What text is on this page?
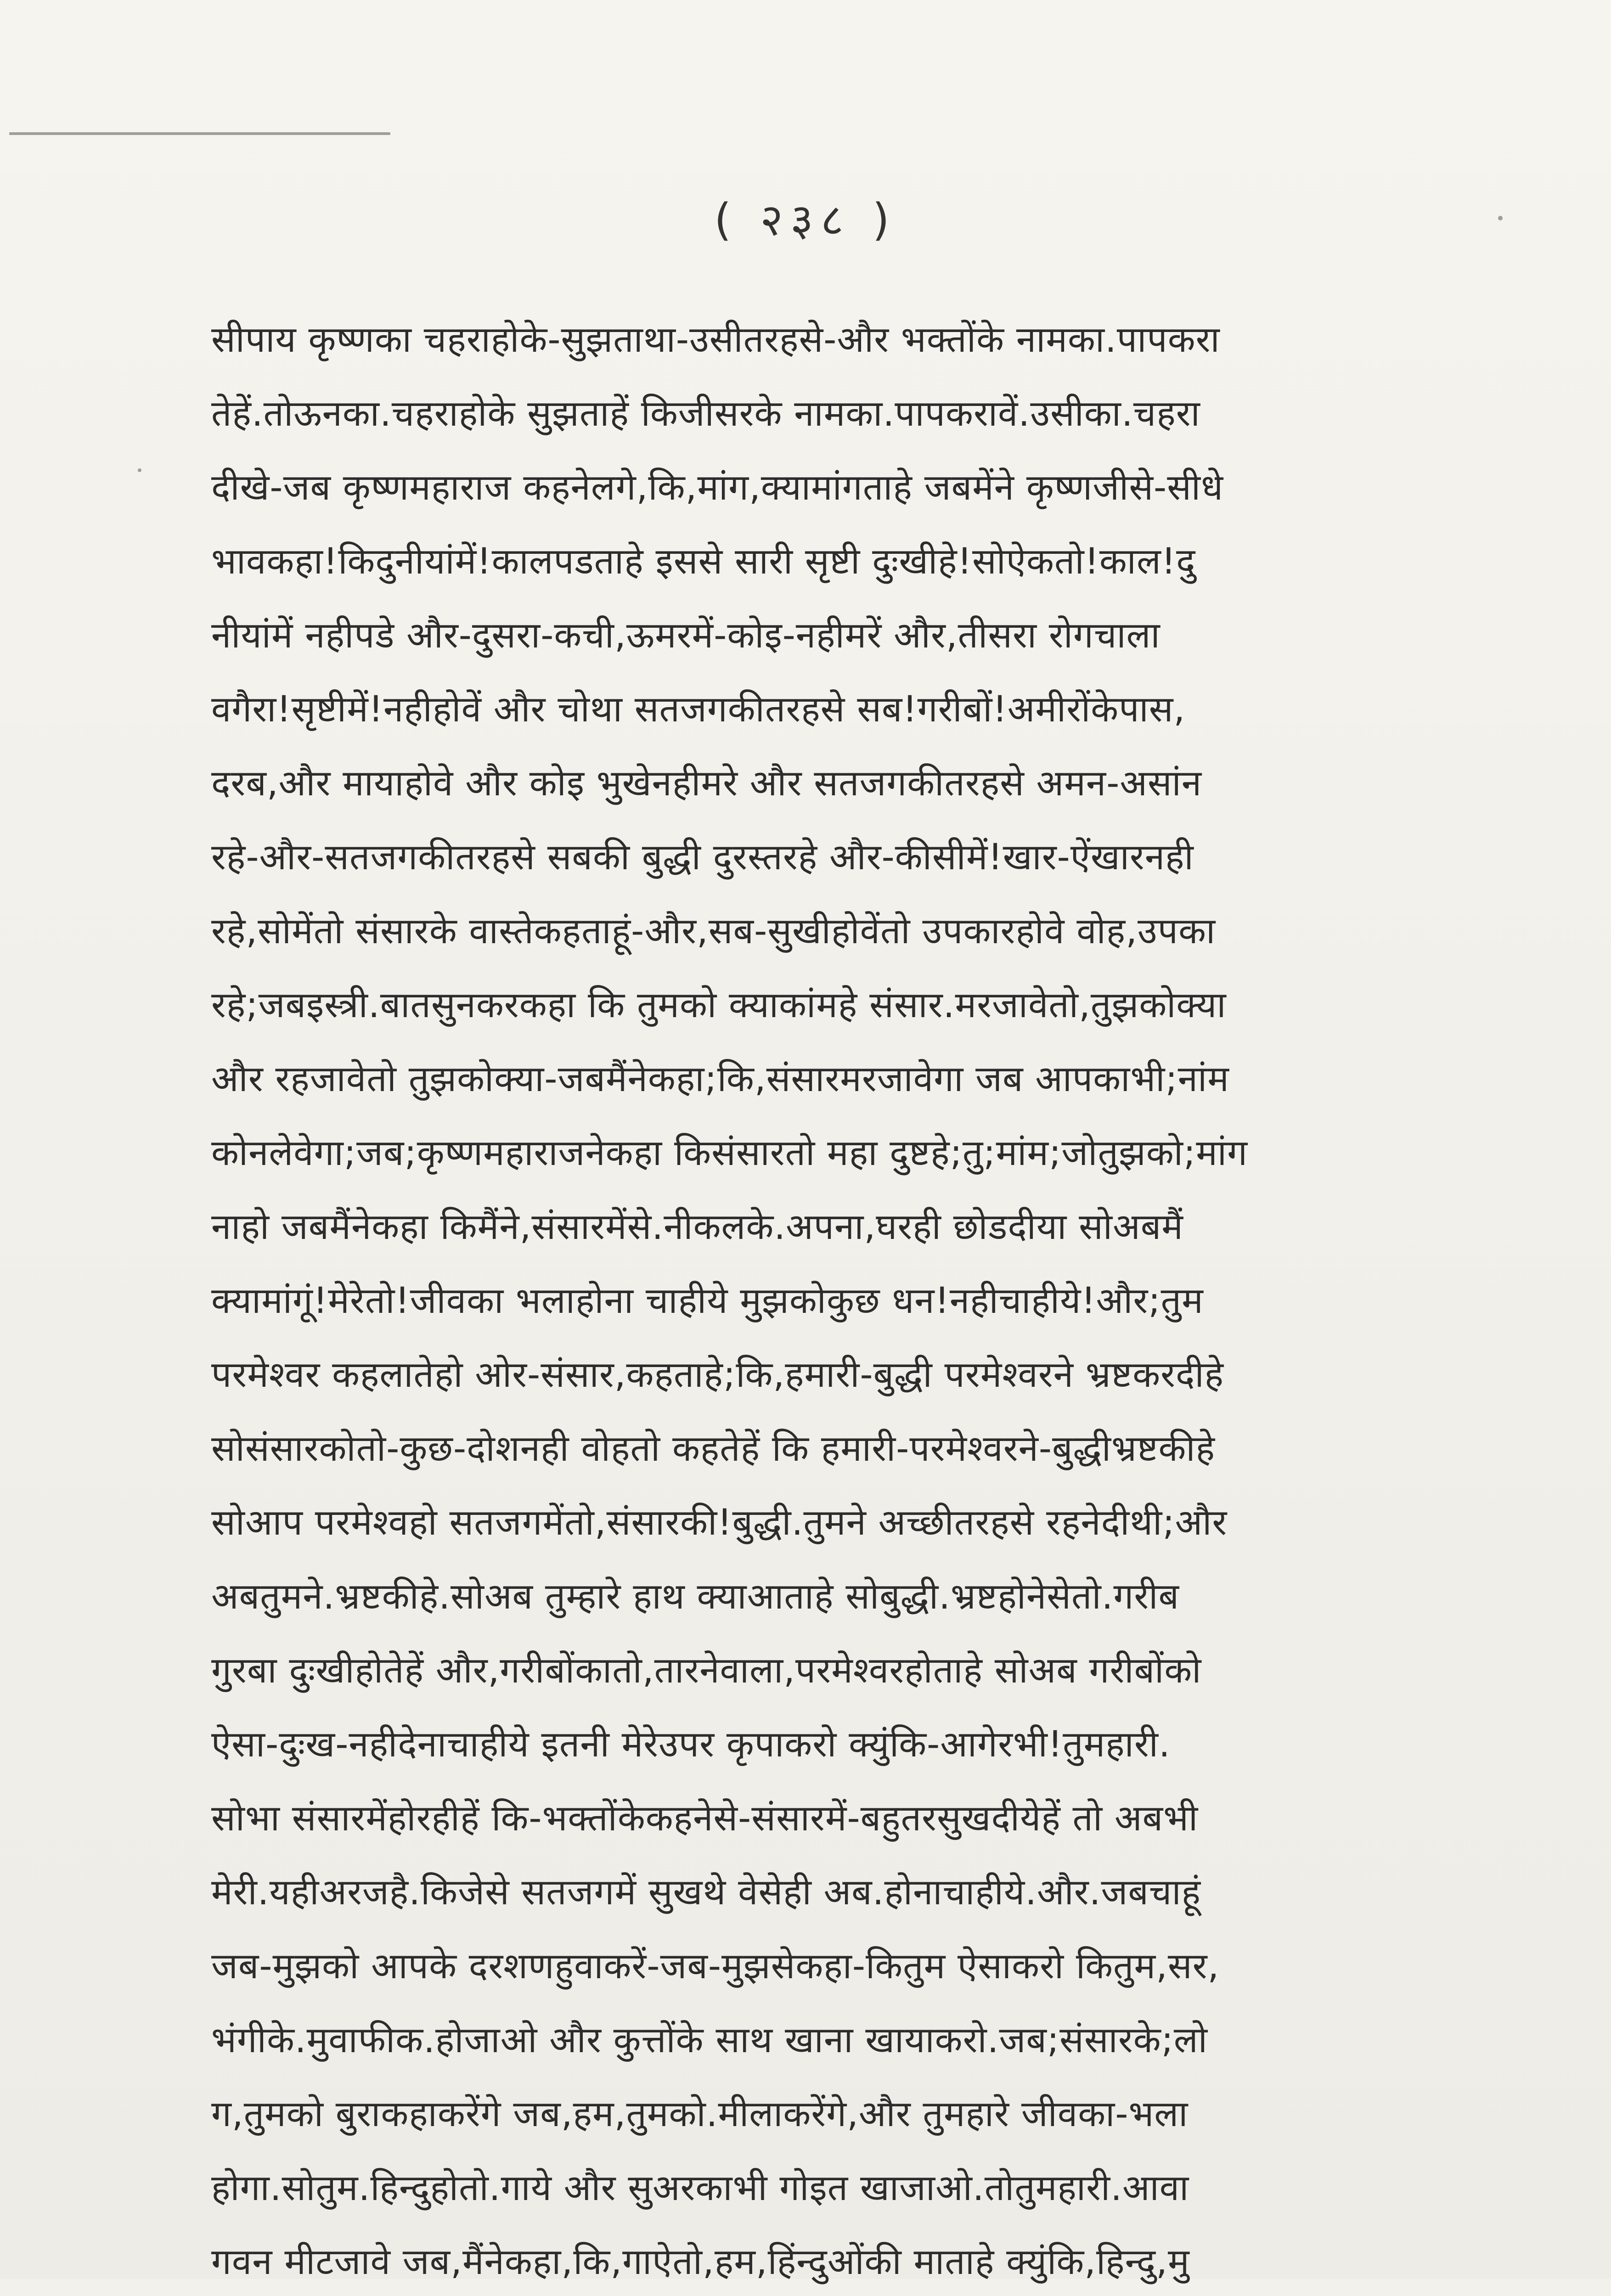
( २३८ )
सीपाय कृष्णका चहराहोके-सुझताथा-उसीतरहसे-और भक्तोंके नामका.पापकरा
तेहें.तोऊनका.चहराहोके सुझताहें किजीसरके नामका.पापकरावें.उसीका.चहरा
दीखे-जब कृष्णमहाराज कहनेलगे,कि,मांग,क्यामांगताहे जबमेंने कृष्णजीसे-सीधे
भावकहा!किदुनीयांमें!कालपडताहे इससे सारी सृष्टी दुःखीहे!सोऐकतो!काल!दु
नीयांमें नहीपडे और-दुसरा-कची,ऊमरमें-कोइ-नहीमरें और,तीसरा रोगचाला
वगैरा!सृष्टीमें!नहीहोवें और चोथा सतजगकीतरहसे सब!गरीबों!अमीरोंकेपास,
दरब,और मायाहोवे और कोइ भुखेनहीमरे और सतजगकीतरहसे अमन-असांन
रहे-और-सतजगकीतरहसे सबकी बुद्धी दुरस्तरहे और-कीसीमें!खार-ऐंखारनही
रहे,सोमेंतो संसारके वास्तेकहताहूं-और,सब-सुखीहोवेंतो उपकारहोवे वोह,उपका
रहे;जबइस्त्री.बातसुनकरकहा कि तुमको क्याकांमहे संसार.मरजावेतो,तुझकोक्या
और रहजावेतो तुझकोक्या-जबमैंनेकहा;कि,संसारमरजावेगा जब आपकाभी;नांम
कोनलेवेगा;जब;कृष्णमहाराजनेकहा किसंसारतो महा दुष्टहे;तु;मांम;जोतुझको;मांग
नाहो जबमैंनेकहा किमैंने,संसारमेंसे.नीकलके.अपना,घरही छोडदीया सोअबमैं
क्यामांगूं!मेरेतो!जीवका भलाहोना चाहीये मुझकोकुछ धन!नहीचाहीये!और;तुम
परमेश्वर कहलातेहो ओर-संसार,कहताहे;कि,हमारी-बुद्धी परमेश्वरने भ्रष्टकरदीहे
सोसंसारकोतो-कुछ-दोशनही वोहतो कहतेहें कि हमारी-परमेश्वरने-बुद्धीभ्रष्टकीहे
सोआप परमेश्वहो सतजगमेंतो,संसारकी!बुद्धी.तुमने अच्छीतरहसे रहनेदीथी;और
अबतुमने.भ्रष्टकीहे.सोअब तुम्हारे हाथ क्याआताहे सोबुद्धी.भ्रष्टहोनेसेतो.गरीब
गुरबा दुःखीहोतेहें और,गरीबोंकातो,तारनेवाला,परमेश्वरहोताहे सोअब गरीबोंको
ऐसा-दुःख-नहीदेनाचाहीये इतनी मेरेउपर कृपाकरो क्युंकि-आगेरभी!तुमहारी.
सोभा संसारमेंहोरहीहें कि-भक्तोंकेकहनेसे-संसारमें-बहुतरसुखदीयेहें तो अबभी
मेरी.यहीअरजहै.किजेसे सतजगमें सुखथे वेसेही अब.होनाचाहीये.और.जबचाहूं
जब-मुझको आपके दरशणहुवाकरें-जब-मुझसेकहा-कितुम ऐसाकरो कितुम,सर,
भंगीके.मुवाफीक.होजाओ और कुत्तोंके साथ खाना खायाकरो.जब;संसारके;लो
ग,तुमको बुराकहाकरेंगे जब,हम,तुमको.मीलाकरेंगे,और तुमहारे जीवका-भला
होगा.सोतुम.हिन्दुहोतो.गाये और सुअरकाभी गोइत खाजाओ.तोतुमहारी.आवा
गवन मीटजावे जब,मैंनेकहा,कि,गाऐतो,हम,हिंन्दुओंकी माताहे क्युंकि,हिन्दु,मु
